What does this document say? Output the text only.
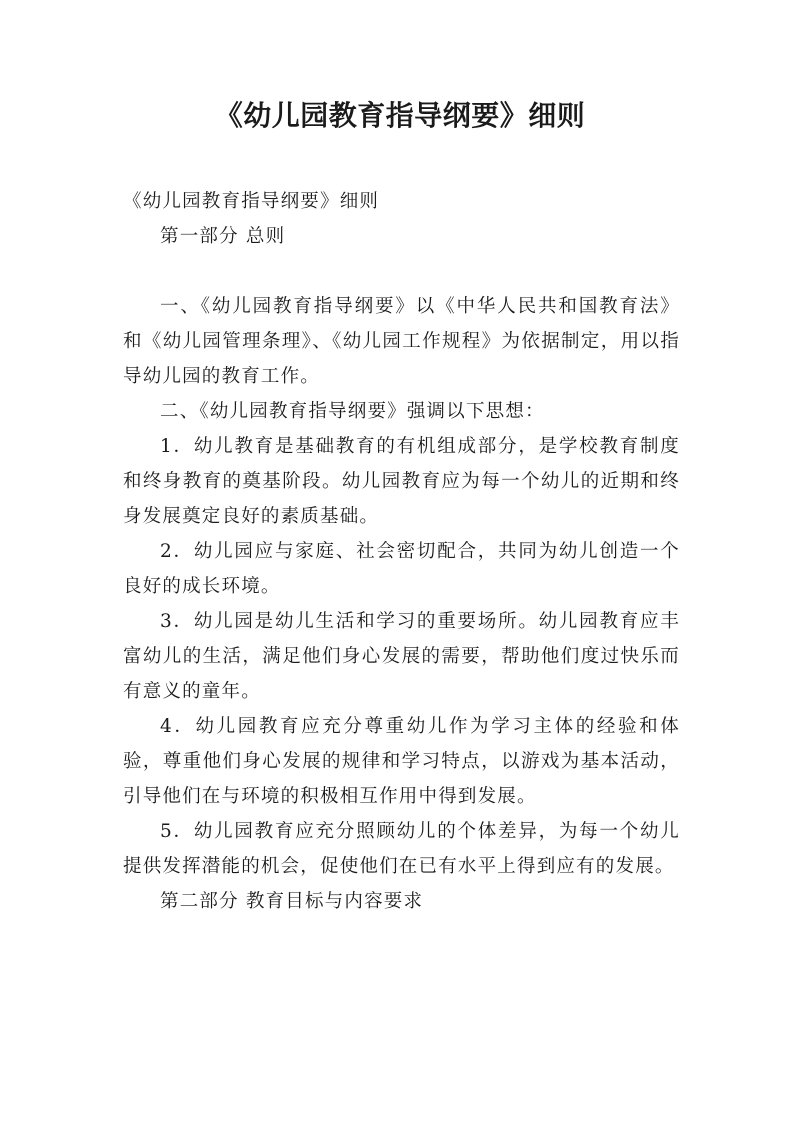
《幼儿园教育指导纲要》细则

《幼儿园教育指导纲要》细则

第一部分 总则

一、《幼儿园教育指导纲要》以《中华人民共和国教育法》和《幼儿园管理条理》、《幼儿园工作规程》为依据制定，用以指导幼儿园的教育工作。

二、《幼儿园教育指导纲要》强调以下思想：

1．幼儿教育是基础教育的有机组成部分，是学校教育制度和终身教育的奠基阶段。幼儿园教育应为每一个幼儿的近期和终身发展奠定良好的素质基础。

2．幼儿园应与家庭、社会密切配合，共同为幼儿创造一个良好的成长环境。

3．幼儿园是幼儿生活和学习的重要场所。幼儿园教育应丰富幼儿的生活，满足他们身心发展的需要，帮助他们度过快乐而有意义的童年。

4．幼儿园教育应充分尊重幼儿作为学习主体的经验和体验，尊重他们身心发展的规律和学习特点，以游戏为基本活动，引导他们在与环境的积极相互作用中得到发展。

5．幼儿园教育应充分照顾幼儿的个体差异，为每一个幼儿提供发挥潜能的机会，促使他们在已有水平上得到应有的发展。

第二部分 教育目标与内容要求
